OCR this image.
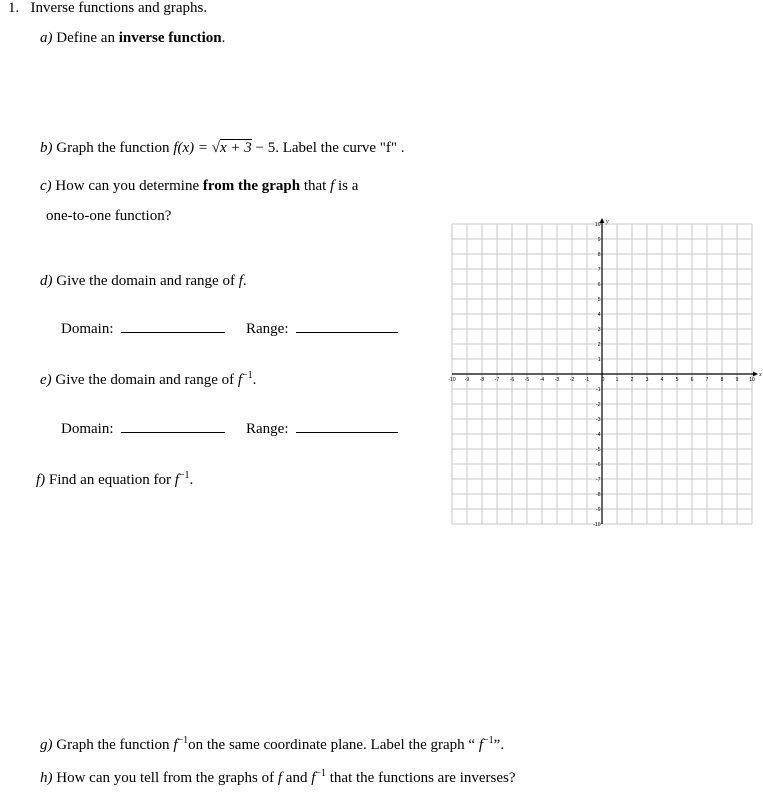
1. Inverse functions and graphs.
a) Define an inverse function.
b) Graph the function f(x) = √x + 3 − 5. Label the curve "f" .
c) How can you determine from the graph that f is a
one-to-one function?
d) Give the domain and range of f.
Domain:	Range:
e) Give the domain and range of $f^{-1}$.
Domain:	Range:
f) Find an equation for $f^{-1}$.
x
y
-10 -9 -8 -7 -6 -5 -4 -3 -2 -1 0 1 2 3 4 5 6 7 8 9 10
10
9
8
7
6
5
4
3
2
1
-1
-2
-3
-4
-5
-6
-7
-8
-9
-10
g) Graph the function $f^{-1}on$ the same coordinate plane. Label the graph “ $f^{-1}$”.
h) How can you tell from the graphs of f and $f^{-1}$ that the functions are inverses?
